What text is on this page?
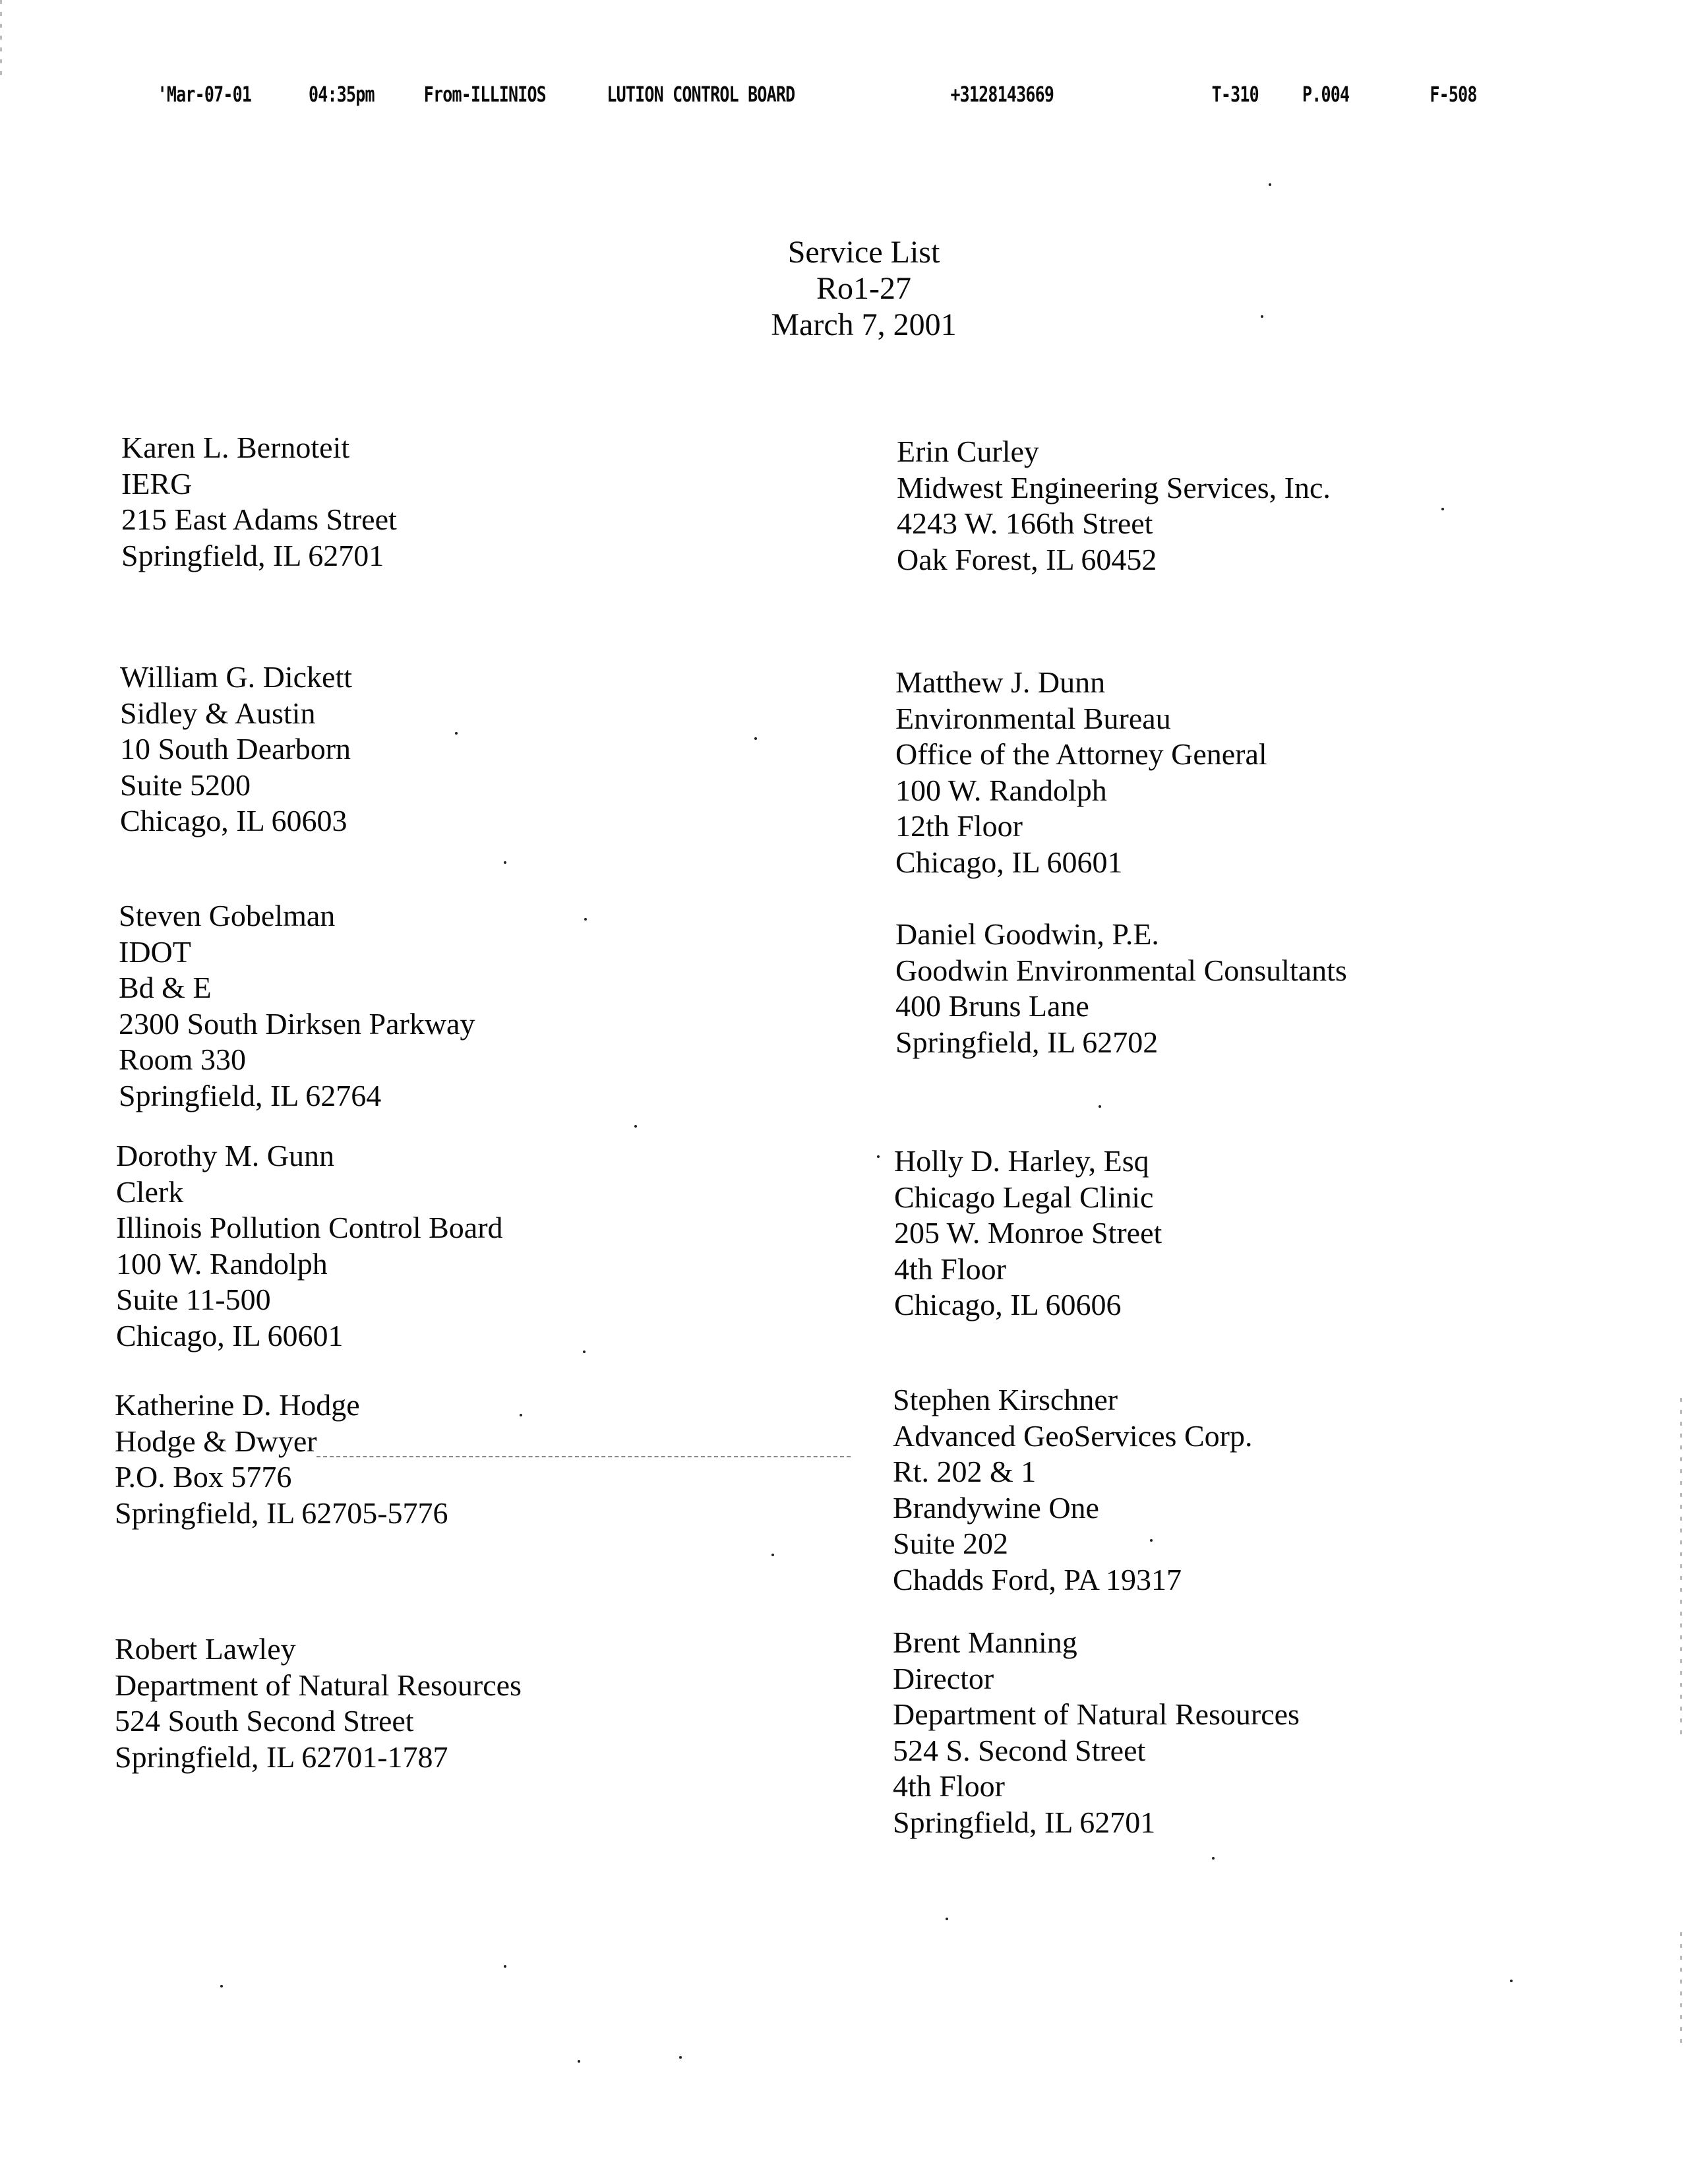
'Mar-07-01	04:35pm From-ILLINIOS	LUTION CONTROL BOARD	+3128143669	T-310 P.004	F-508
Service List
Ro1-27
March 7, 2001
Karen L. Bernoteit
IERG
215 East Adams Street
Springfield, IL 62701
William G. Dickett
Sidley & Austin
10 South Dearborn
Suite 5200
Chicago, IL 60603
Steven Gobelman
IDOT
Bd & E
2300 South Dirksen Parkway
Room 330
Springfield, IL 62764
Dorothy M. Gunn
Clerk
Illinois Pollution Control Board
100 W. Randolph
Suite 11-500
Chicago, IL 60601
Katherine D. Hodge
Hodge & Dwyer
P.O. Box 5776
Springfield, IL 62705-5776
Robert Lawley
Department of Natural Resources
524 South Second Street
Springfield, IL 62701-1787
Erin Curley
Midwest Engineering Services, Inc.
4243 W. 166th Street
Oak Forest, IL 60452
Matthew J. Dunn
Environmental Bureau
Office of the Attorney General
100 W. Randolph
12th Floor
Chicago, IL 60601
Daniel Goodwin, P.E.
Goodwin Environmental Consultants
400 Bruns Lane
Springfield, IL 62702
Holly D. Harley, Esq
Chicago Legal Clinic
205 W. Monroe Street
4th Floor
Chicago, IL 60606
Stephen Kirschner
Advanced GeoServices Corp.
Rt. 202 & 1
Brandywine One
Suite 202
Chadds Ford, PA 19317
Brent Manning
Director
Department of Natural Resources
524 S. Second Street
4th Floor
Springfield, IL 62701
